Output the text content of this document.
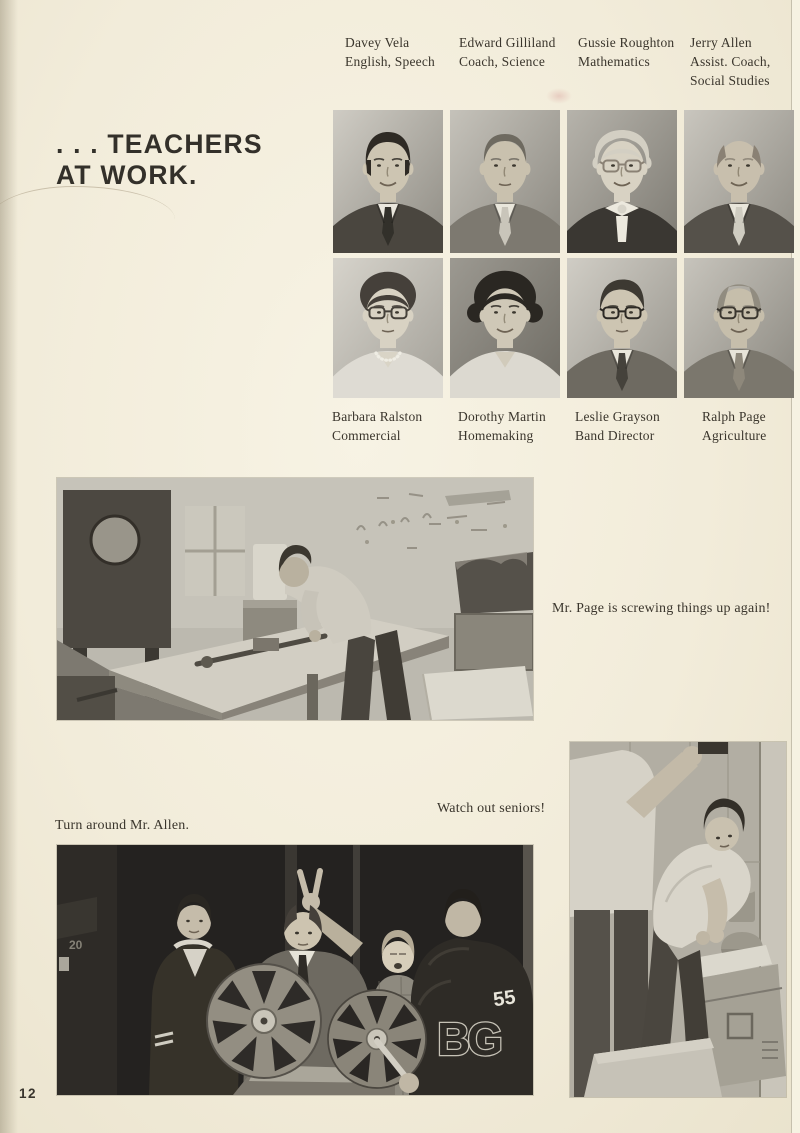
. . . TEACHERS
AT WORK.
Davey Vela
English, Speech
Edward Gilliland
Coach, Science
Gussie Roughton
Mathematics
Jerry Allen
Assist. Coach, Social Studies
Barbara Ralston
Commercial
Dorothy Martin
Homemaking
Leslie Grayson
Band Director
Ralph Page
Agriculture
Mr. Page is screwing things up again!
Watch out seniors!
Turn around Mr. Allen.
20
BG
55
12
